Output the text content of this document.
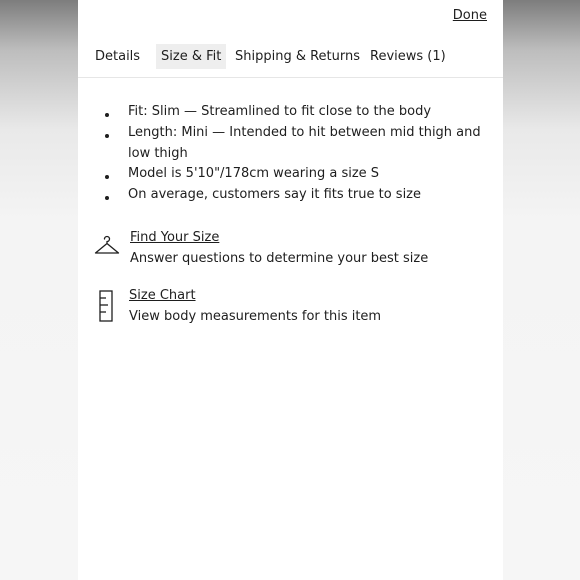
Done
Details	Size & Fit	Shipping & Returns Reviews (1)
Fit: Slim — Streamlined to fit close to the body
Length: Mini — Intended to hit between mid thigh and low thigh
Model is 5'10"/178cm wearing a size S
On average, customers say it fits true to size
Find Your Size
Answer questions to determine your best size
Size Chart
View body measurements for this item
